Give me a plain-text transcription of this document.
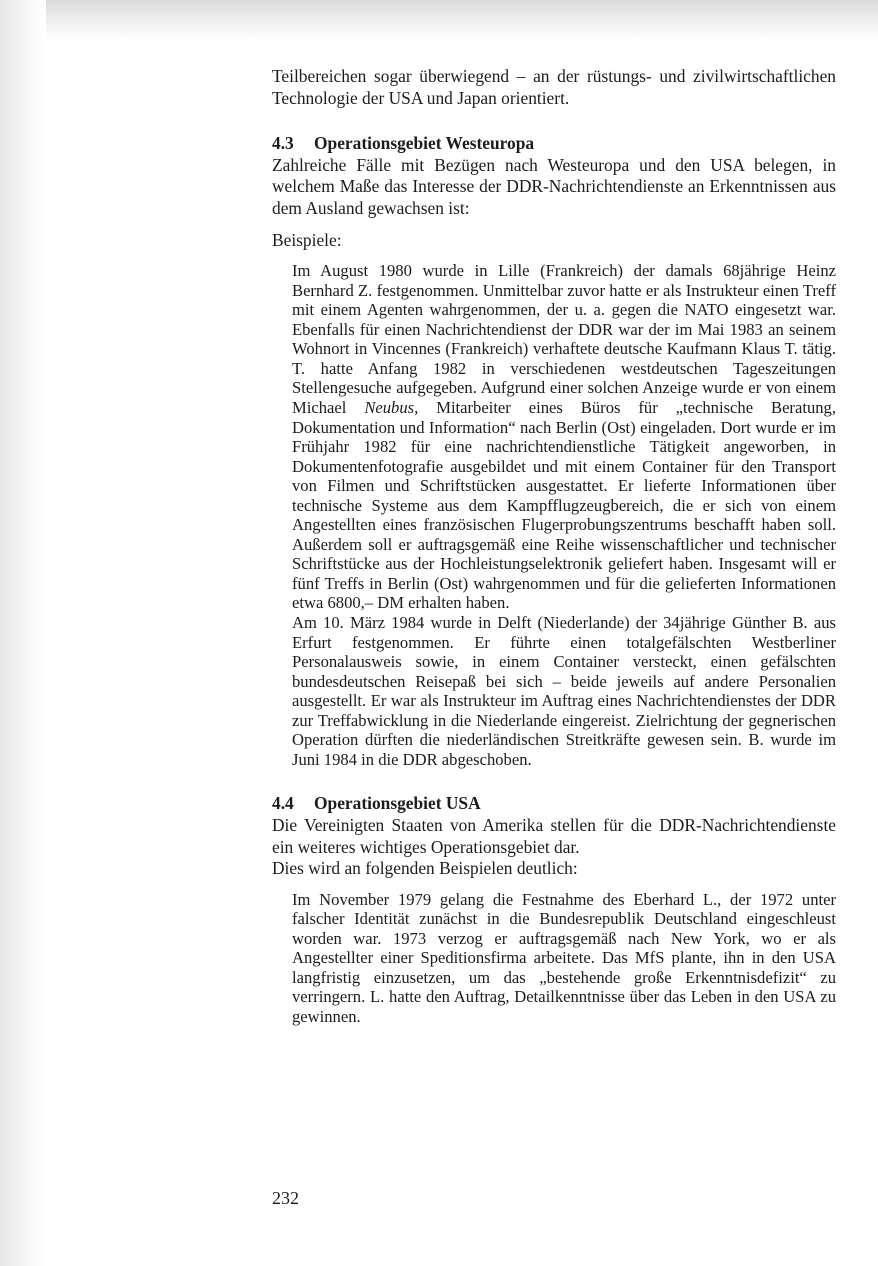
Teilbereichen sogar überwiegend – an der rüstungs- und zivilwirtschaftlichen Technologie der USA und Japan orientiert.

4.3 Operationsgebiet Westeuropa

Zahlreiche Fälle mit Bezügen nach Westeuropa und den USA belegen, in welchem Maße das Interesse der DDR-Nachrichtendienste an Erkenntnissen aus dem Ausland gewachsen ist:

Beispiele:

Im August 1980 wurde in Lille (Frankreich) der damals 68jährige Heinz Bernhard Z. festgenommen. Unmittelbar zuvor hatte er als Instrukteur einen Treff mit einem Agenten wahrgenommen, der u. a. gegen die NATO eingesetzt war. Ebenfalls für einen Nachrichtendienst der DDR war der im Mai 1983 an seinem Wohnort in Vincennes (Frankreich) verhaftete deutsche Kaufmann Klaus T. tätig. T. hatte Anfang 1982 in verschiedenen westdeutschen Tageszeitungen Stellengesuche aufgegeben. Aufgrund einer solchen Anzeige wurde er von einem Michael Neubus, Mitarbeiter eines Büros für „technische Beratung, Dokumentation und Information“ nach Berlin (Ost) eingeladen. Dort wurde er im Frühjahr 1982 für eine nachrichtendienstliche Tätigkeit angeworben, in Dokumentenfotografie ausgebildet und mit einem Container für den Transport von Filmen und Schriftstücken ausgestattet. Er lieferte Informationen über technische Systeme aus dem Kampfflugzeugbereich, die er sich von einem Angestellten eines französischen Flugerprobungszentrums beschafft haben soll. Außerdem soll er auftragsgemäß eine Reihe wissenschaftlicher und technischer Schriftstücke aus der Hochleistungselektronik geliefert haben. Insgesamt will er fünf Treffs in Berlin (Ost) wahrgenommen und für die gelieferten Informationen etwa 6800,– DM erhalten haben.

Am 10. März 1984 wurde in Delft (Niederlande) der 34jährige Günther B. aus Erfurt festgenommen. Er führte einen totalgefälschten Westberliner Personalausweis sowie, in einem Container versteckt, einen gefälschten bundesdeutschen Reisepaß bei sich – beide jeweils auf andere Personalien ausgestellt. Er war als Instrukteur im Auftrag eines Nachrichtendienstes der DDR zur Treffabwicklung in die Niederlande eingereist. Zielrichtung der gegnerischen Operation dürften die niederländischen Streitkräfte gewesen sein. B. wurde im Juni 1984 in die DDR abgeschoben.

4.4 Operationsgebiet USA

Die Vereinigten Staaten von Amerika stellen für die DDR-Nachrichtendienste ein weiteres wichtiges Operationsgebiet dar.

Dies wird an folgenden Beispielen deutlich:

Im November 1979 gelang die Festnahme des Eberhard L., der 1972 unter falscher Identität zunächst in die Bundesrepublik Deutschland eingeschleust worden war. 1973 verzog er auftragsgemäß nach New York, wo er als Angestellter einer Speditionsfirma arbeitete. Das MfS plante, ihn in den USA langfristig einzusetzen, um das „bestehende große Erkenntnisdefizit“ zu verringern. L. hatte den Auftrag, Detailkenntnisse über das Leben in den USA zu gewinnen.

232
